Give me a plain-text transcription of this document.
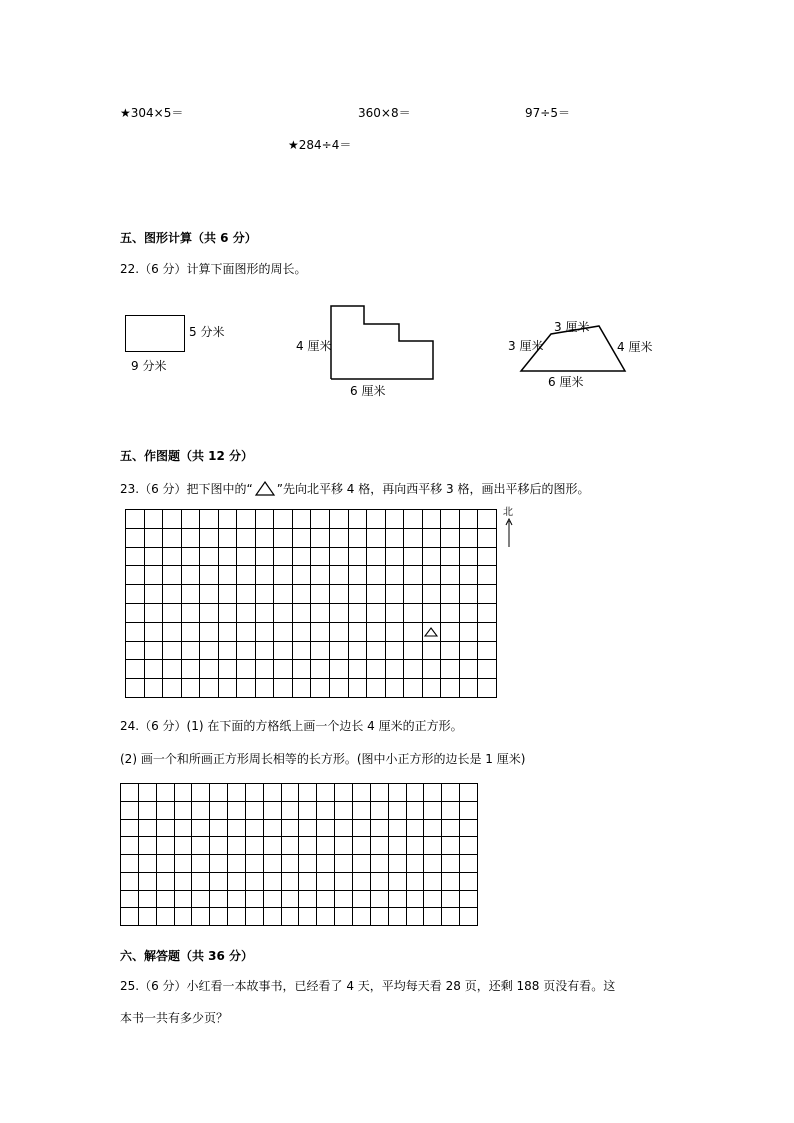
★304×5＝	360×8＝	97÷5＝
★284÷4＝
五、图形计算（共 6 分）
22.（6 分）计算下面图形的周长。
5 分米
9 分米
4 厘米
6 厘米
3 厘米
3 厘米	4 厘米
6 厘米
五、作图题（共 12 分）
23.（6 分）把下图中的“ ”先向北平移 4 格，再向西平移 3 格，画出平移后的图形。

北
24.（6 分）(1) 在下面的方格纸上画一个边长 4 厘米的正方形。
(2) 画一个和所画正方形周长相等的长方形。(图中小正方形的边长是 1 厘米)

六、解答题（共 36 分）
25.（6 分）小红看一本故事书，已经看了 4 天，平均每天看 28 页，还剩 188 页没有看。这
本书一共有多少页？
